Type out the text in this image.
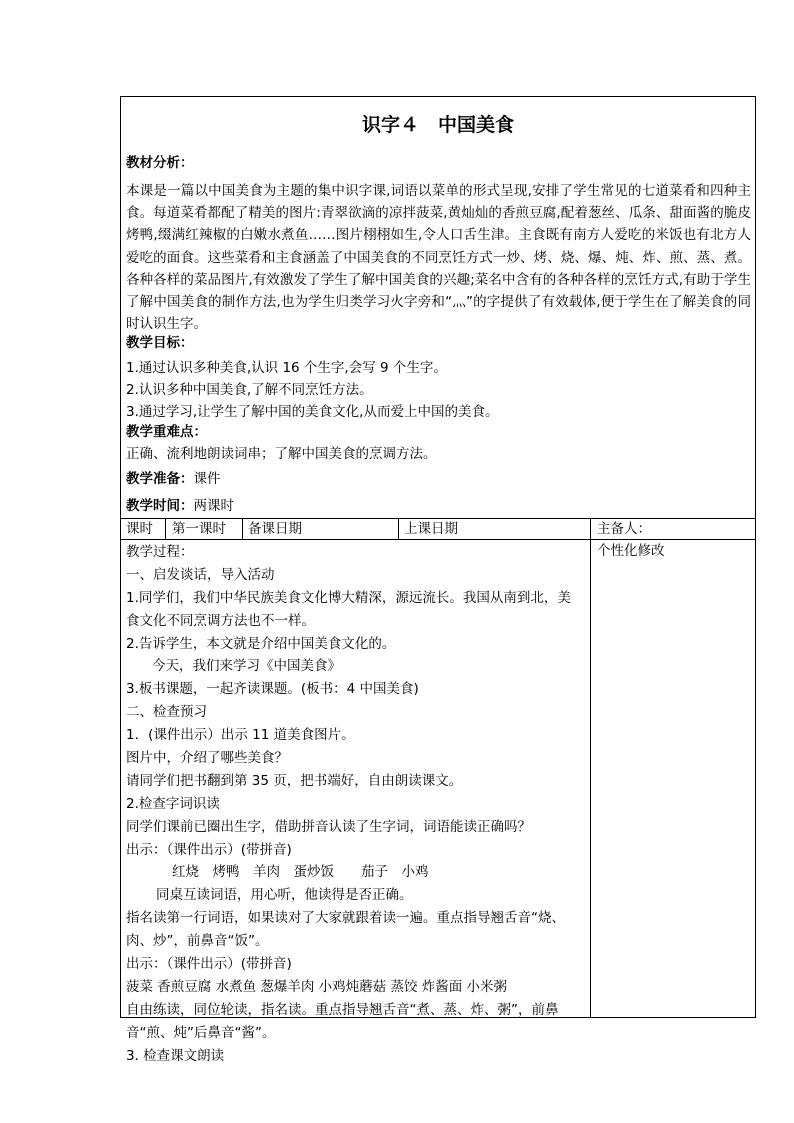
识字４　中国美食
教材分析：
本课是一篇以中国美食为主题的集中识字课,词语以菜单的形式呈现,安排了学生常见的七道菜肴和四种主食。每道菜肴都配了精美的图片:青翠欲滴的凉拌菠菜,黄灿灿的香煎豆腐,配着葱丝、瓜条、甜面酱的脆皮烤鸭,缀满红辣椒的白嫩水煮鱼……图片栩栩如生,令人口舌生津。主食既有南方人爱吃的米饭也有北方人爱吃的面食。这些菜肴和主食涵盖了中国美食的不同烹饪方式一炒、烤、烧、爆、炖、炸、煎、蒸、煮。各种各样的菜品图片,有效激发了学生了解中国美食的兴趣;菜名中含有的各种各样的烹饪方式,有助于学生了解中国美食的制作方法,也为学生归类学习火字旁和“灬”的字提供了有效载体,便于学生在了解美食的同时认识生字。
教学目标：
1.通过认识多种美食,认识 16 个生字,会写 9 个生字。
2.认识多种中国美食,了解不同烹饪方法。
3.通过学习,让学生了解中国的美食文化,从而爱上中国的美食。
教学重难点：
正确、流利地朗读词串；了解中国美食的烹调方法。
教学准备：课件
教学时间：两课时
课时 第一课时 备课日期	上课日期	主备人：
个性化修改
教学过程：
一、启发谈话，导入活动
1.同学们，我们中华民族美食文化博大精深，源远流长。我国从南到北，美
食文化不同烹调方法也不一样。
2.告诉学生，本文就是介绍中国美食文化的。
今天，我们来学习《中国美食》
3.板书课题，一起齐读课题。(板书：4 中国美食)
二、检查预习
1．(课件出示）出示 11 道美食图片。
图片中，介绍了哪些美食？
请同学们把书翻到第 35 页，把书端好，自由朗读课文。
2.检查字词识读
同学们课前已圈出生字，借助拼音认读了生字词，词语能读正确吗？
出示：（课件出示）(带拼音)
红烧　烤鸭　羊肉　蛋炒饭　　茄子　小鸡
同桌互读词语，用心听，他读得是否正确。
指名读第一行词语，如果读对了大家就跟着读一遍。重点指导翘舌音“烧、
肉、炒”，前鼻音“饭”。
出示：（课件出示）(带拼音)
菠菜 香煎豆腐 水煮鱼 葱爆羊肉 小鸡炖蘑菇 蒸饺 炸酱面 小米粥
自由练读，同位轮读，指名读。重点指导翘舌音“煮、蒸、炸、粥”，前鼻
音“煎、炖”后鼻音“酱”。
3. 检查课文朗读
